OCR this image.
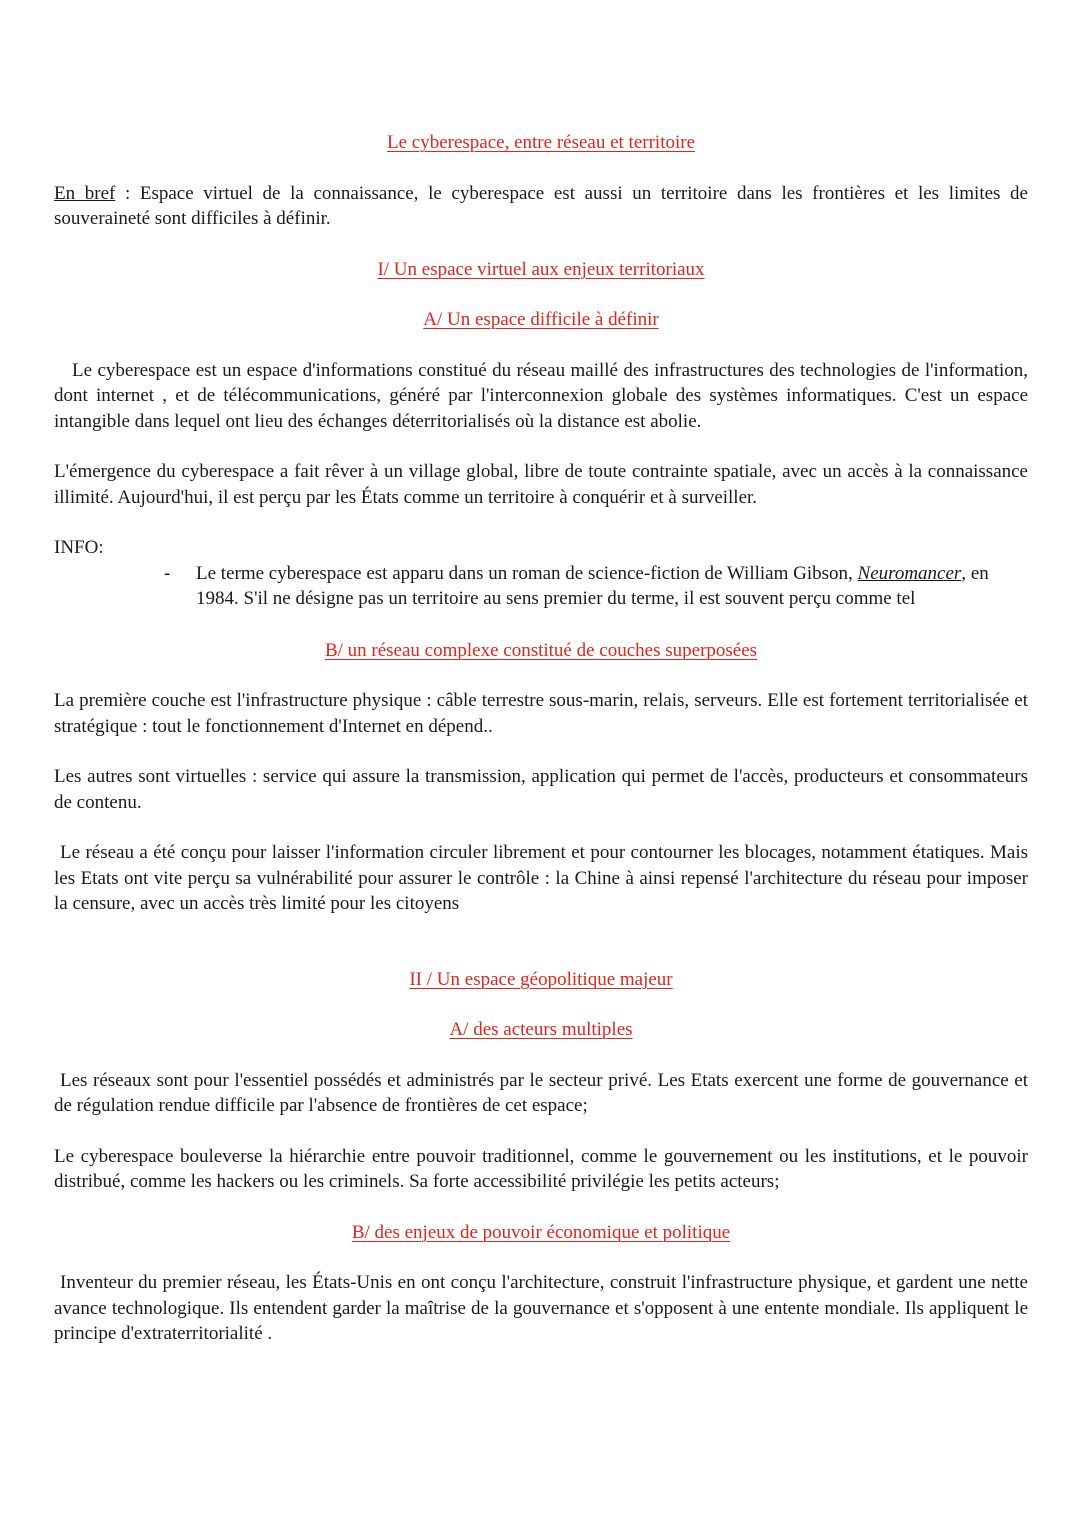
Le cyberespace, entre réseau et territoire

En bref : Espace virtuel de la connaissance, le cyberespace est aussi un territoire dans les frontières et les limites de souveraineté sont difficiles à définir.

I/ Un espace virtuel aux enjeux territoriaux
A/ Un espace difficile à définir

Le cyberespace est un espace d'informations constitué du réseau maillé des infrastructures des technologies de l'information, dont internet , et de télécommunications, généré par l'interconnexion globale des systèmes informatiques. C'est un espace intangible dans lequel ont lieu des échanges déterritorialisés où la distance est abolie.

L'émergence du cyberespace a fait rêver à un village global, libre de toute contrainte spatiale, avec un accès à la connaissance illimité. Aujourd'hui, il est perçu par les États comme un territoire à conquérir et à surveiller.

INFO:

-	Le terme cyberespace est apparu dans un roman de science-fiction de William Gibson, Neuromancer, en 1984. S'il ne désigne pas un territoire au sens premier du terme, il est souvent perçu comme tel
B/ un réseau complexe constitué de couches superposées

La première couche est l'infrastructure physique : câble terrestre sous-marin, relais, serveurs. Elle est fortement territorialisée et stratégique : tout le fonctionnement d'Internet en dépend..

Les autres sont virtuelles : service qui assure la transmission, application qui permet de l'accès, producteurs et consommateurs de contenu.

Le réseau a été conçu pour laisser l'information circuler librement et pour contourner les blocages, notamment étatiques. Mais les Etats ont vite perçu sa vulnérabilité pour assurer le contrôle : la Chine à ainsi repensé l'architecture du réseau pour imposer la censure, avec un accès très limité pour les citoyens

II / Un espace géopolitique majeur
A/ des acteurs multiples

Les réseaux sont pour l'essentiel possédés et administrés par le secteur privé. Les Etats exercent une forme de gouvernance et de régulation rendue difficile par l'absence de frontières de cet espace;

Le cyberespace bouleverse la hiérarchie entre pouvoir traditionnel, comme le gouvernement ou les institutions, et le pouvoir distribué, comme les hackers ou les criminels. Sa forte accessibilité privilégie les petits acteurs;

B/ des enjeux de pouvoir économique et politique

Inventeur du premier réseau, les États-Unis en ont conçu l'architecture, construit l'infrastructure physique, et gardent une nette avance technologique. Ils entendent garder la maîtrise de la gouvernance et s'opposent à une entente mondiale. Ils appliquent le principe d'extraterritorialité .
